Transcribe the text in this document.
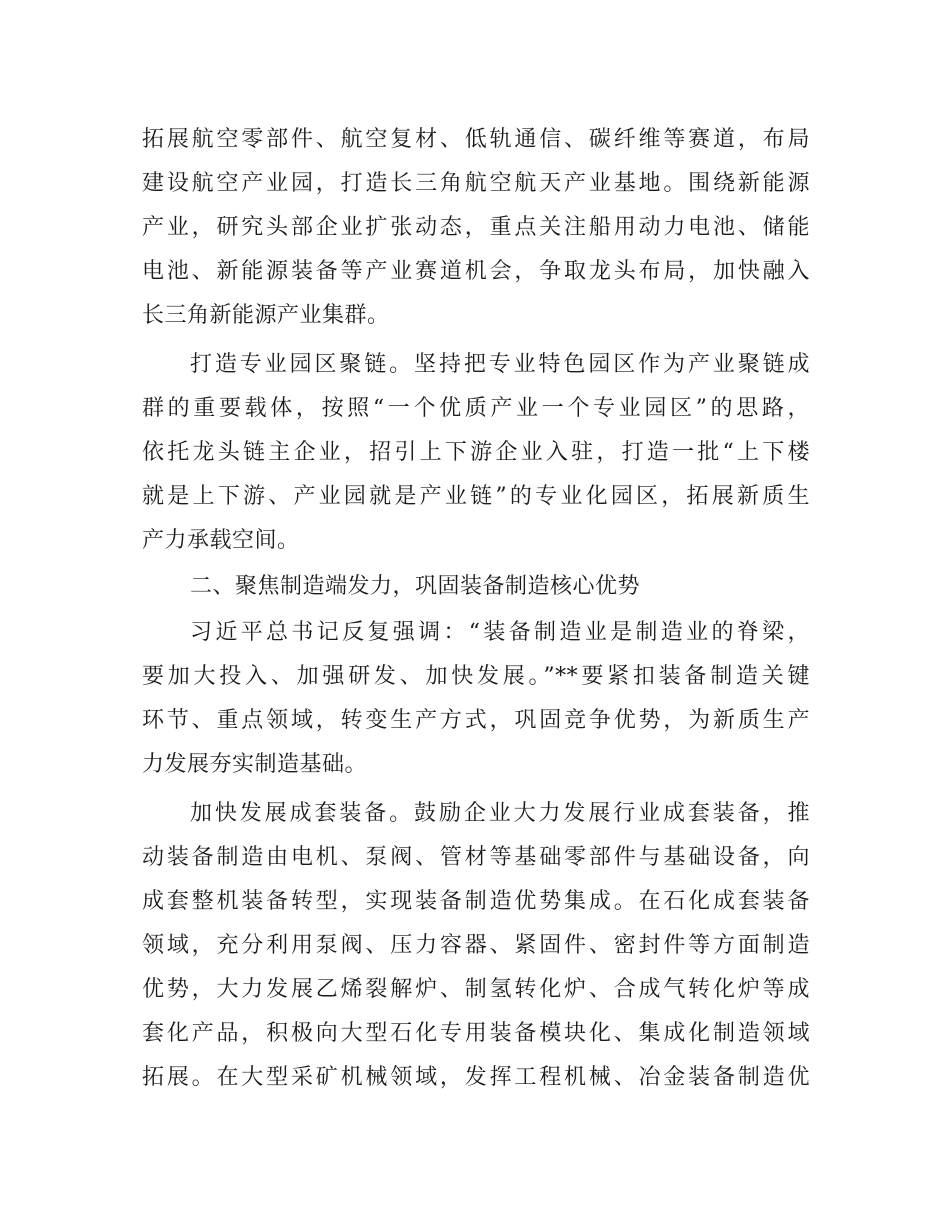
拓展航空零部件、航空复材、低轨通信、碳纤维等赛道，布局
建设航空产业园，打造长三角航空航天产业基地。围绕新能源
产业，研究头部企业扩张动态，重点关注船用动力电池、储能
电池、新能源装备等产业赛道机会，争取龙头布局，加快融入
长三角新能源产业集群。
打造专业园区聚链。坚持把专业特色园区作为产业聚链成
群的重要载体，按照“一个优质产业一个专业园区”的思路，
依托龙头链主企业，招引上下游企业入驻，打造一批“上下楼
就是上下游、产业园就是产业链”的专业化园区，拓展新质生
产力承载空间。
二、聚焦制造端发力，巩固装备制造核心优势
习近平总书记反复强调：“装备制造业是制造业的脊梁，
要加大投入、加强研发、加快发展。”**要紧扣装备制造关键
环节、重点领域，转变生产方式，巩固竞争优势，为新质生产
力发展夯实制造基础。
加快发展成套装备。鼓励企业大力发展行业成套装备，推
动装备制造由电机、泵阀、管材等基础零部件与基础设备，向
成套整机装备转型，实现装备制造优势集成。在石化成套装备
领域，充分利用泵阀、压力容器、紧固件、密封件等方面制造
优势，大力发展乙烯裂解炉、制氢转化炉、合成气转化炉等成
套化产品，积极向大型石化专用装备模块化、集成化制造领域
拓展。在大型采矿机械领域，发挥工程机械、冶金装备制造优
